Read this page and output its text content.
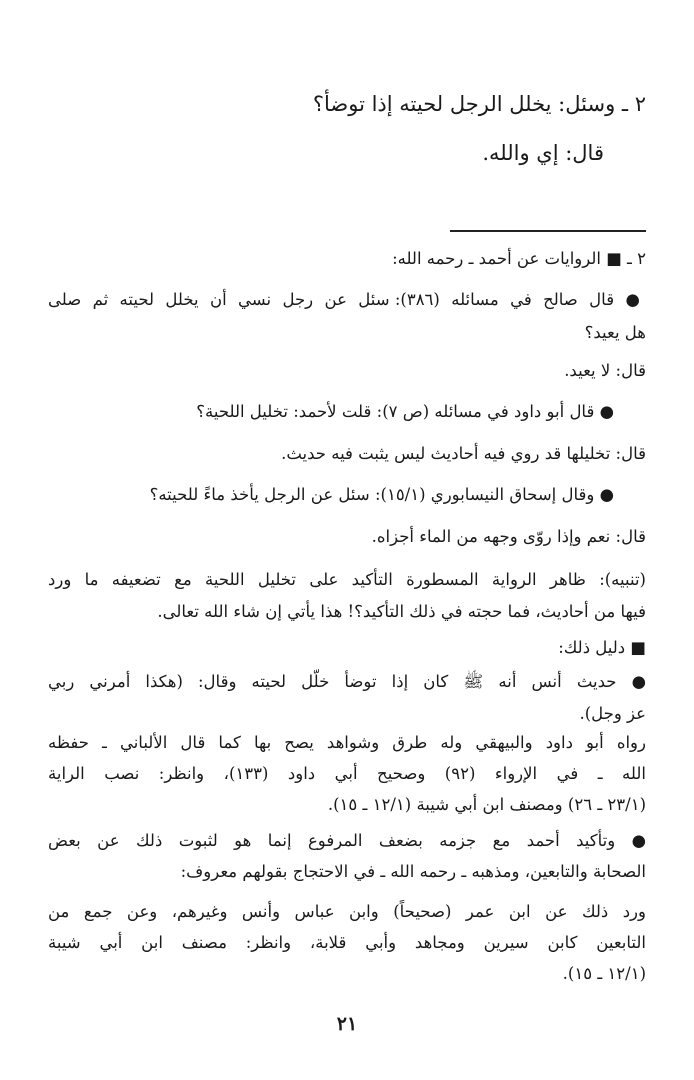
٢ ـ وسئل: يخلل الرجل لحيته إذا توضأ؟
قال: إي والله.
٢ ـ ■ الروايات عن أحمد ـ رحمه الله:
● قال صالح في مسائله (٣٨٦): سئل عن رجل نسي أن يخلل لحيته ثم صلى
هل يعيد؟
قال: لا يعيد.
● قال أبو داود في مسائله (ص ٧): قلت لأحمد: تخليل اللحية؟
قال: تخليلها قد روي فيه أحاديث ليس يثبت فيه حديث.
● وقال إسحاق النيسابوري (١٥/١): سئل عن الرجل يأخذ ماءً للحيته؟
قال: نعم وإذا روّى وجهه من الماء أجزاه.
(تنبيه): ظاهر الرواية المسطورة التأكيد على تخليل اللحية مع تضعيفه ما ورد
فيها من أحاديث، فما حجته في ذلك التأكيد؟! هذا يأتي إن شاء الله تعالى.
■ دليل ذلك:
● حديث أنس أنه ﷺ كان إذا توضأ خلّل لحيته وقال: (هكذا أمرني ربي
عز وجل).
رواه أبو داود والبيهقي وله طرق وشواهد يصح بها كما قال الألباني ـ حفظه
الله ـ في الإرواء (٩٢) وصحيح أبي داود (١٣٣)، وانظر: نصب الراية
(٢٣/١ ـ ٢٦) ومصنف ابن أبي شيبة (١٢/١ ـ ١٥).
● وتأكيد أحمد مع جزمه بضعف المرفوع إنما هو لثبوت ذلك عن بعض
الصحابة والتابعين، ومذهبه ـ رحمه الله ـ في الاحتجاج بقولهم معروف:
ورد ذلك عن ابن عمر (صحيحاً) وابن عباس وأنس وغيرهم، وعن جمع من
التابعين كابن سيرين ومجاهد وأبي قلابة، وانظر: مصنف ابن أبي شيبة
(١٢/١ ـ ١٥).
٢١
